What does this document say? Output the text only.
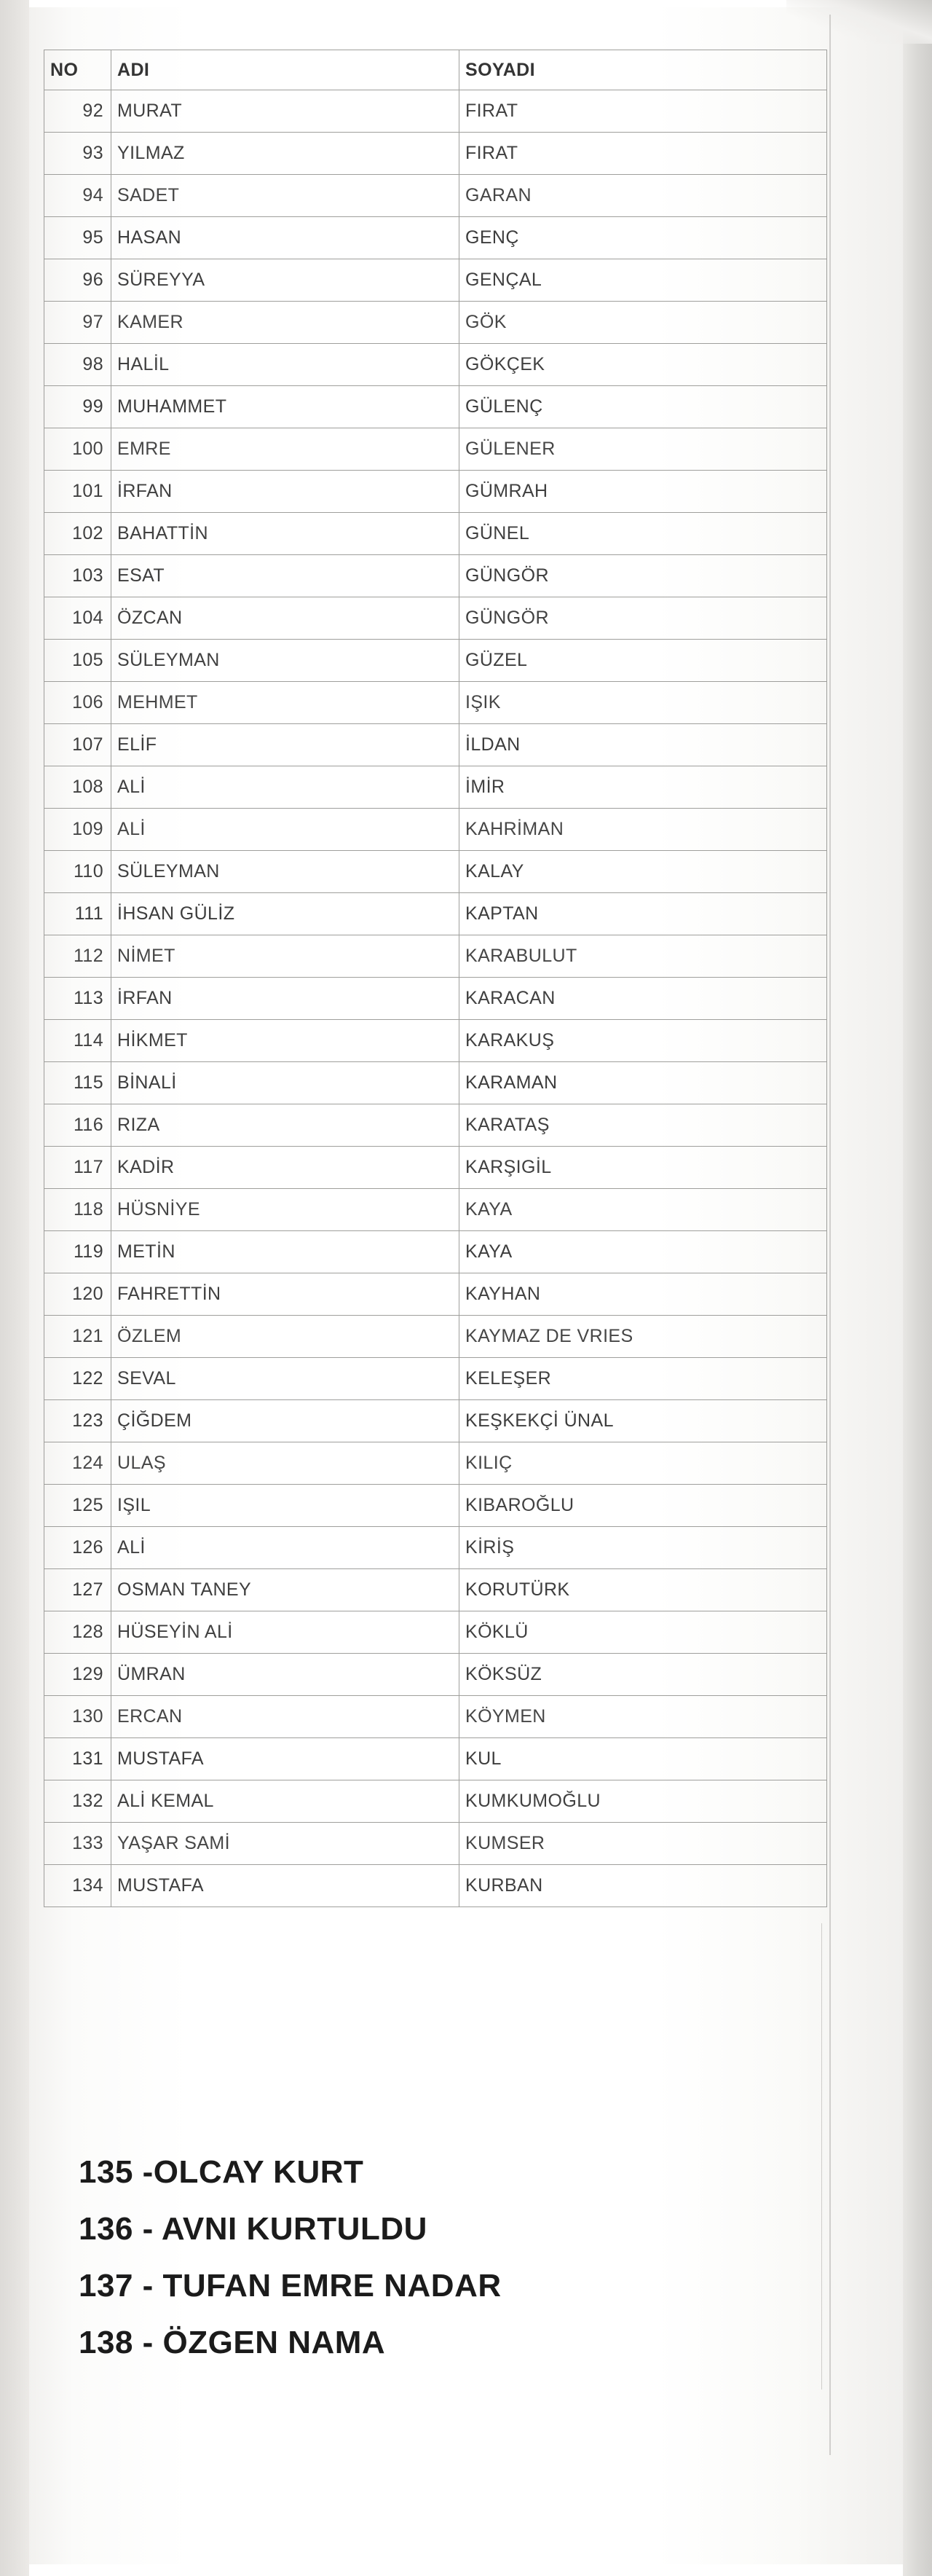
NO	ADI	SOYADI
92	MURAT	FIRAT
93	YILMAZ	FIRAT
94	SADET	GARAN
95	HASAN	GENÇ
96	SÜREYYA	GENÇAL
97	KAMER	GÖK
98	HALİL	GÖKÇEK
99	MUHAMMET	GÜLENÇ
100	EMRE	GÜLENER
101	İRFAN	GÜMRAH
102	BAHATTİN	GÜNEL
103	ESAT	GÜNGÖR
104	ÖZCAN	GÜNGÖR
105	SÜLEYMAN	GÜZEL
106	MEHMET	IŞIK
107	ELİF	İLDAN
108	ALİ	İMİR
109	ALİ	KAHRİMAN
110	SÜLEYMAN	KALAY
111	İHSAN GÜLİZ	KAPTAN
112	NİMET	KARABULUT
113	İRFAN	KARACAN
114	HİKMET	KARAKUŞ
115	BİNALİ	KARAMAN
116	RIZA	KARATAŞ
117	KADİR	KARŞIGİL
118	HÜSNİYE	KAYA
119	METİN	KAYA
120	FAHRETTİN	KAYHAN
121	ÖZLEM	KAYMAZ DE VRIES
122	SEVAL	KELEŞER
123	ÇİĞDEM	KEŞKEKÇİ ÜNAL
124	ULAŞ	KILIÇ
125	IŞIL	KIBAROĞLU
126	ALİ	KİRİŞ
127	OSMAN TANEY	KORUTÜRK
128	HÜSEYİN ALİ	KÖKLÜ
129	ÜMRAN	KÖKSÜZ
130	ERCAN	KÖYMEN
131	MUSTAFA	KUL
132	ALİ KEMAL	KUMKUMOĞLU
133	YAŞAR SAMİ	KUMSER
134	MUSTAFA	KURBAN
135 -OLCAY KURT
136 - AVNI KURTULDU
137 - TUFAN EMRE NADAR
138 - ÖZGEN NAMA
